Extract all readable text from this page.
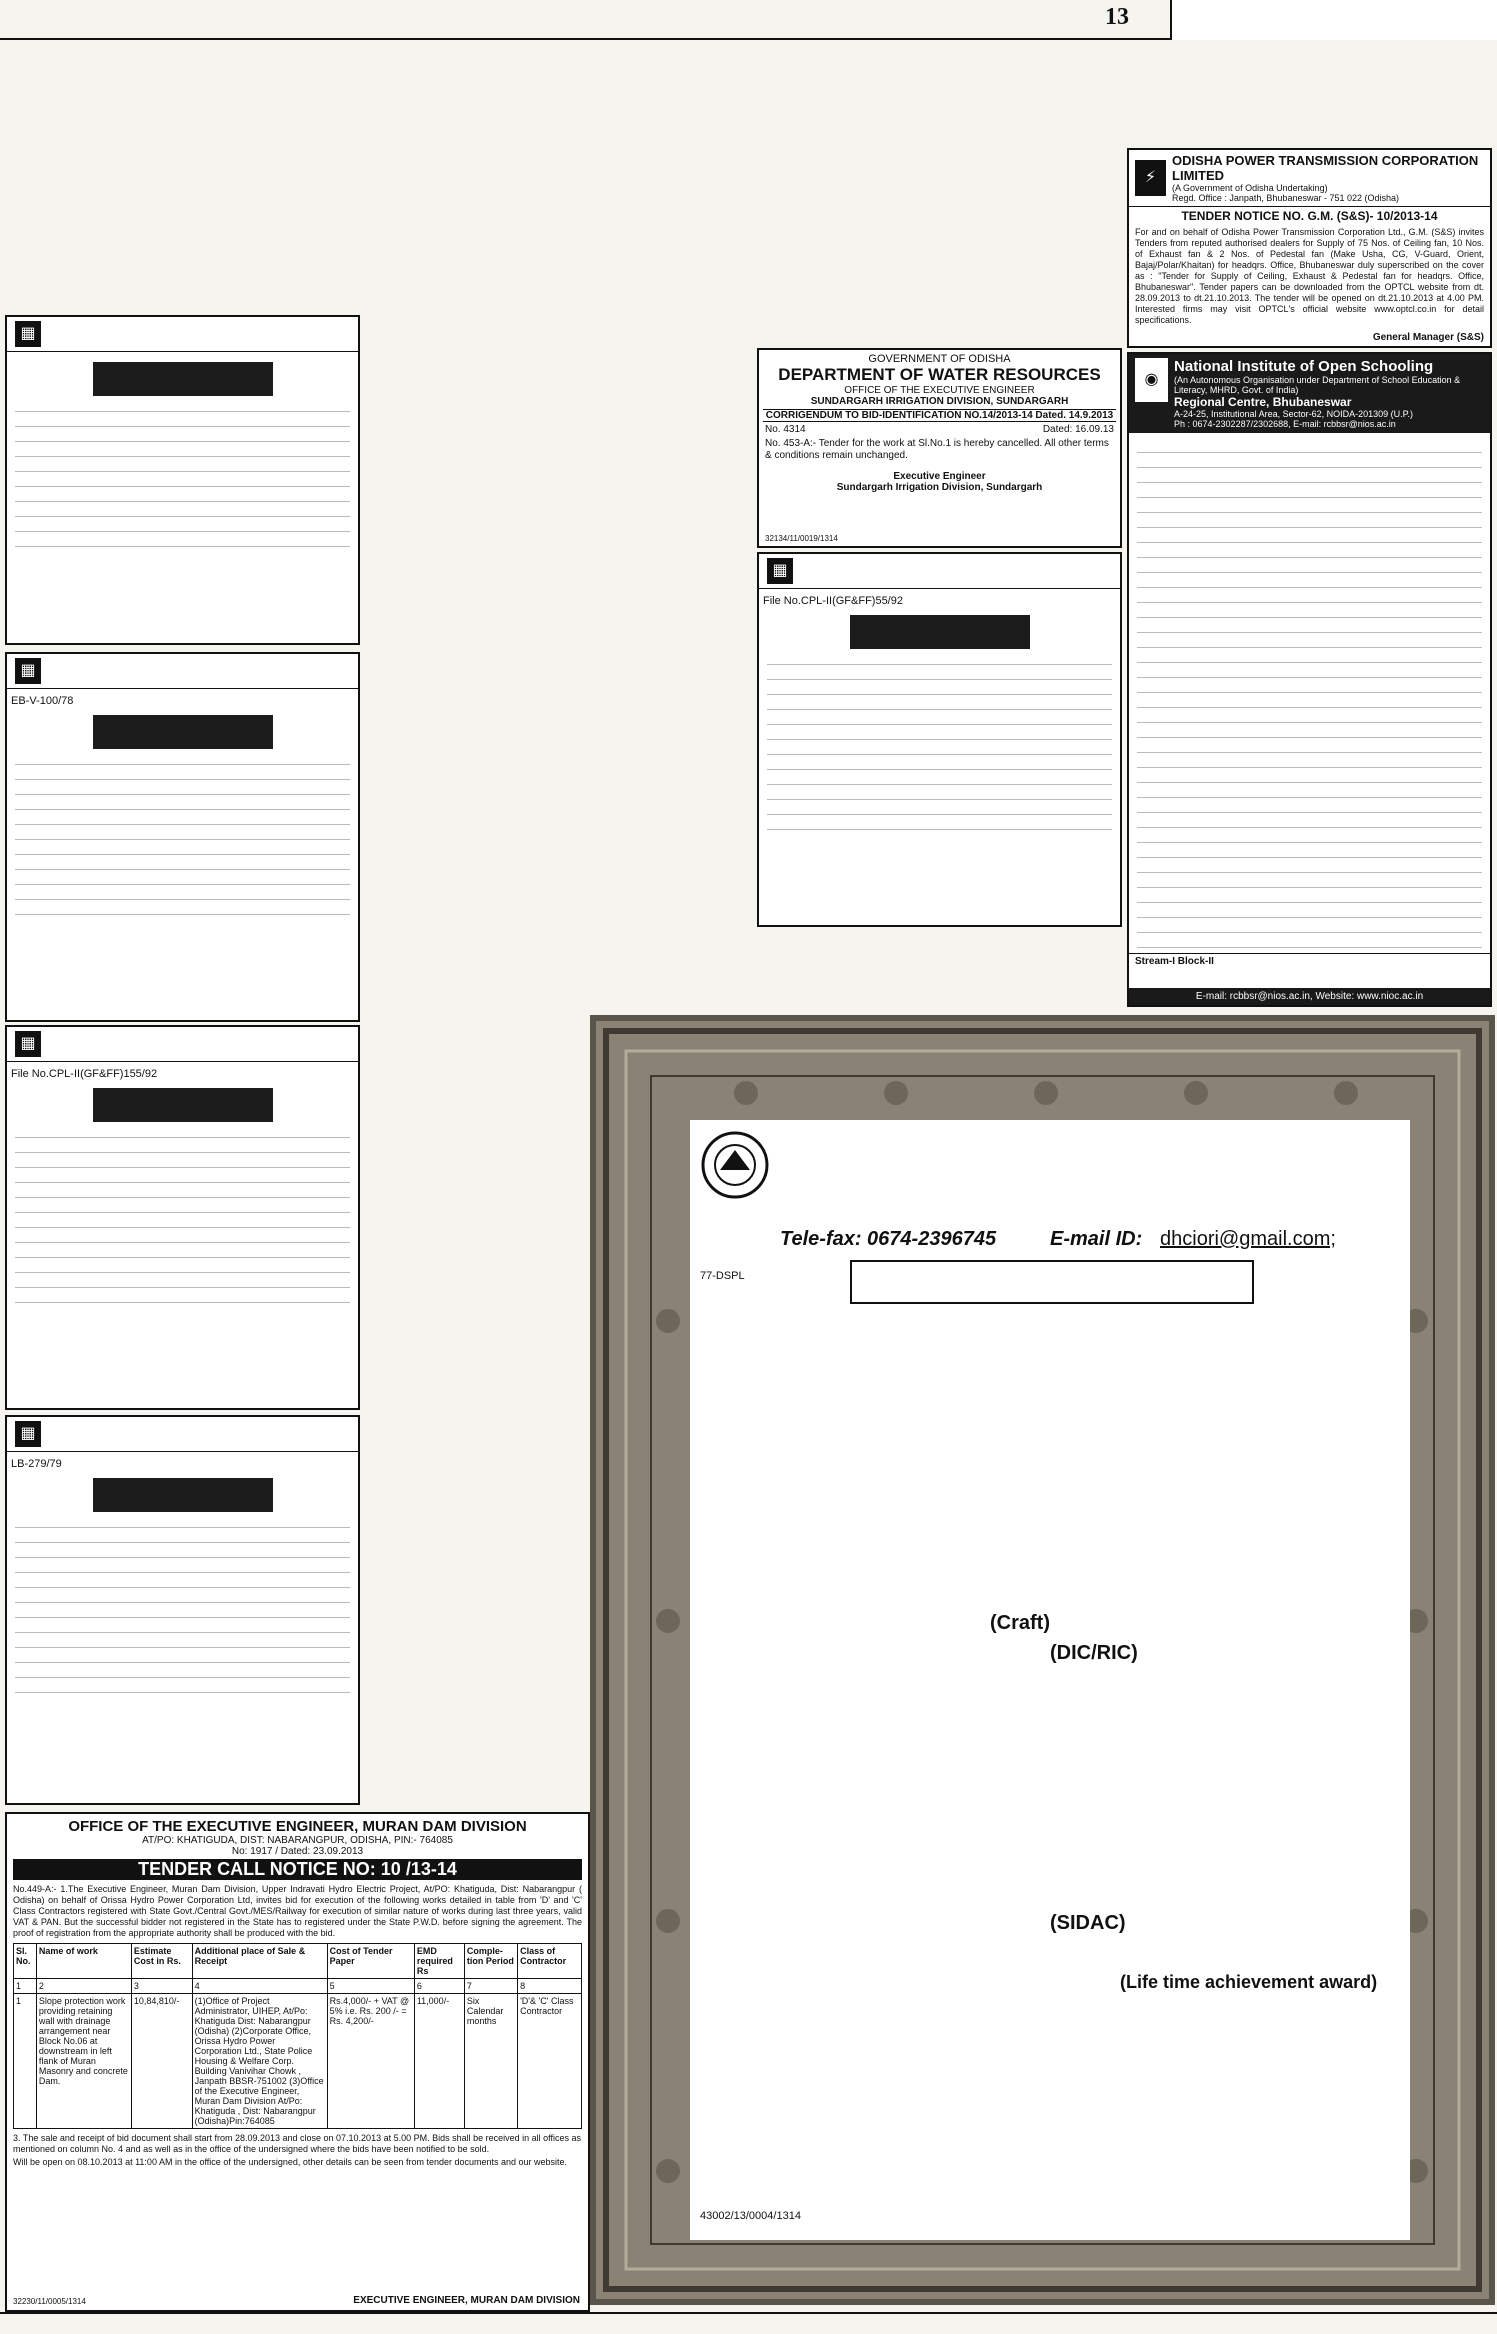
13
▦
▦
EB-V-100/78
▦
File No.CPL-II(GF&FF)155/92
▦
LB-279/79
OFFICE OF THE EXECUTIVE ENGINEER, MURAN DAM DIVISION
AT/PO: KHATIGUDA, DIST: NABARANGPUR, ODISHA, PIN:- 764085
No: 1917 / Dated: 23.09.2013
TENDER CALL NOTICE NO: 10 /13-14
No.449-A:- 1.The Executive Engineer, Muran Dam Division, Upper Indravati Hydro Electric Project, At/PO: Khatiguda, Dist: Nabarangpur ( Odisha) on behalf of Orissa Hydro Power Corporation Ltd, invites bid for execution of the following works detailed in table from 'D' and 'C' Class Contractors registered with State Govt./Central Govt./MES/Railway for execution of similar nature of works during last three years, valid VAT & PAN. But the successful bidder not registered in the State has to registered under the State P.W.D. before signing the agreement. The proof of registration from the appropriate authority shall be produced with the bid.
Sl. No.	Name of work	Estimate Cost in Rs.	Additional place of Sale & Receipt	Cost of Tender Paper	EMD required Rs	Comple-tion Period	Class of Contractor
1	2	3	4	5	6	7	8
1	Slope protection work providing retaining wall with drainage arrangement near Block No.06 at downstream in left flank of Muran Masonry and concrete Dam.	10,84,810/-	(1)Office of Project Administrator, UIHEP, At/Po: Khatiguda Dist: Nabarangpur (Odisha) (2)Corporate Office, Orissa Hydro Power Corporation Ltd., State Police Housing & Welfare Corp. Building Vanivihar Chowk , Janpath BBSR-751002 (3)Office of the Executive Engineer, Muran Dam Division At/Po: Khatiguda , Dist: Nabarangpur (Odisha)Pin:764085	Rs.4,000/- + VAT @ 5% i.e. Rs. 200 /- = Rs. 4,200/-	11,000/-	Six Calendar months	'D'& 'C' Class Contractor
3. The sale and receipt of bid document shall start from 28.09.2013 and close on 07.10.2013 at 5.00 PM. Bids shall be received in all offices as mentioned on column No. 4 and as well as in the office of the undersigned where the bids have been notified to be sold.
Will be open on 08.10.2013 at 11:00 AM in the office of the undersigned, other details can be seen from tender documents and our website.
32230/11/0005/1314	EXECUTIVE ENGINEER, MURAN DAM DIVISION
GOVERNMENT OF ODISHA
DEPARTMENT OF WATER RESOURCES
OFFICE OF THE EXECUTIVE ENGINEER
SUNDARGARH IRRIGATION DIVISION, SUNDARGARH
CORRIGENDUM TO BID-IDENTIFICATION NO.14/2013-14 Dated. 14.9.2013
No. 4314	Dated: 16.09.13
No. 453-A:- Tender for the work at Sl.No.1 is hereby cancelled. All other terms & conditions remain unchanged.
Executive Engineer
Sundargarh Irrigation Division, Sundargarh
32134/11/0019/1314
▦
File No.CPL-II(GF&FF)55/92
⚡
ODISHA POWER TRANSMISSION CORPORATION LIMITED
(A Government of Odisha Undertaking)
Regd. Office : Janpath, Bhubaneswar - 751 022 (Odisha)
TENDER NOTICE NO. G.M. (S&S)- 10/2013-14
For and on behalf of Odisha Power Transmission Corporation Ltd., G.M. (S&S) invites Tenders from reputed authorised dealers for Supply of 75 Nos. of Ceiling fan, 10 Nos. of Exhaust fan & 2 Nos. of Pedestal fan (Make Usha, CG, V-Guard, Orient, Bajaj/Polar/Khaitan) for headqrs. Office, Bhubaneswar duly superscribed on the cover as : "Tender for Supply of Ceiling, Exhaust & Pedestal fan for headqrs. Office, Bhubaneswar". Tender papers can be downloaded from the OPTCL website from dt. 28.09.2013 to dt.21.10.2013. The tender will be opened on dt.21.10.2013 at 4.00 PM. Interested firms may visit OPTCL's official website www.optcl.co.in for detail specifications.
General Manager (S&S)
◉
National Institute of Open Schooling
(An Autonomous Organisation under Department of School Education & Literacy, MHRD, Govt. of India)
Regional Centre, Bhubaneswar
A-24-25, Institutional Area, Sector-62, NOIDA-201309 (U.P.)
Ph : 0674-2302287/2302688, E-mail: rcbbsr@nios.ac.in
Stream-I Block-II
E-mail: rcbbsr@nios.ac.in, Website: www.nioc.ac.in
Tele-fax: 0674-2396745	E-mail ID: dhciori@gmail.com;
77-DSPL
(Craft)
(DIC/RIC)
(SIDAC)
(Life time achievement award)
43002/13/0004/1314
